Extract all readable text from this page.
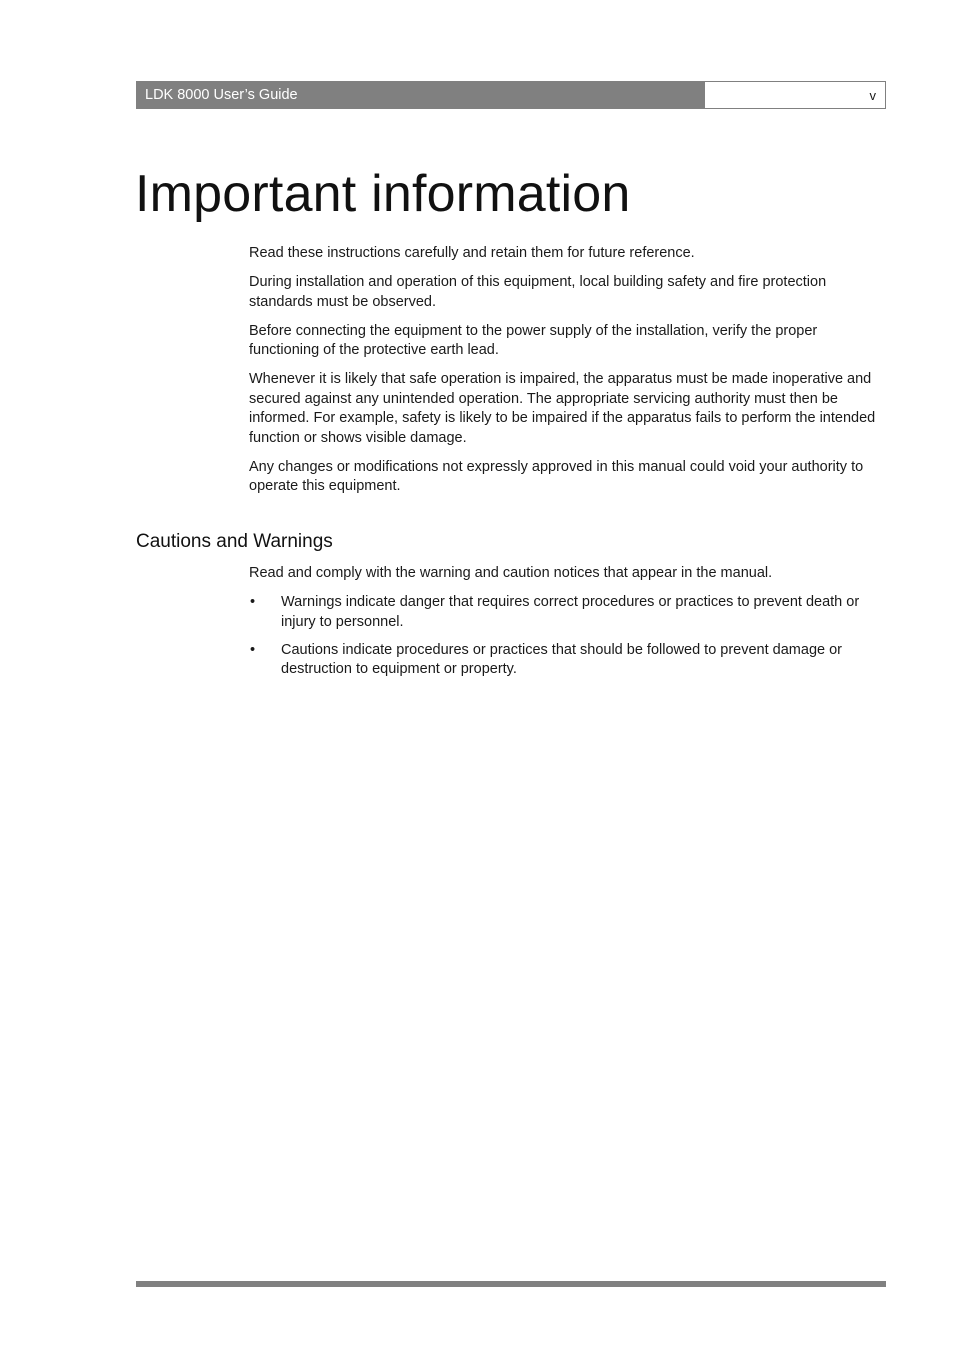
LDK 8000 User’s Guide	v
Important information

Read these instructions carefully and retain them for future reference.

During installation and operation of this equipment, local building safety and fire protection standards must be observed.

Before connecting the equipment to the power supply of the installation, verify the proper functioning of the protective earth lead.

Whenever it is likely that safe operation is impaired, the apparatus must be made inoperative and secured against any unintended operation. The appropriate servicing authority must then be informed. For example, safety is likely to be impaired if the apparatus fails to perform the intended function or shows visible damage.

Any changes or modifications not expressly approved in this manual could void your authority to operate this equipment.

Cautions and Warnings

Read and comply with the warning and caution notices that appear in the manual.

•	Warnings indicate danger that requires correct procedures or practices to prevent death or injury to personnel.
•	Cautions indicate procedures or practices that should be followed to prevent damage or destruction to equipment or property.
